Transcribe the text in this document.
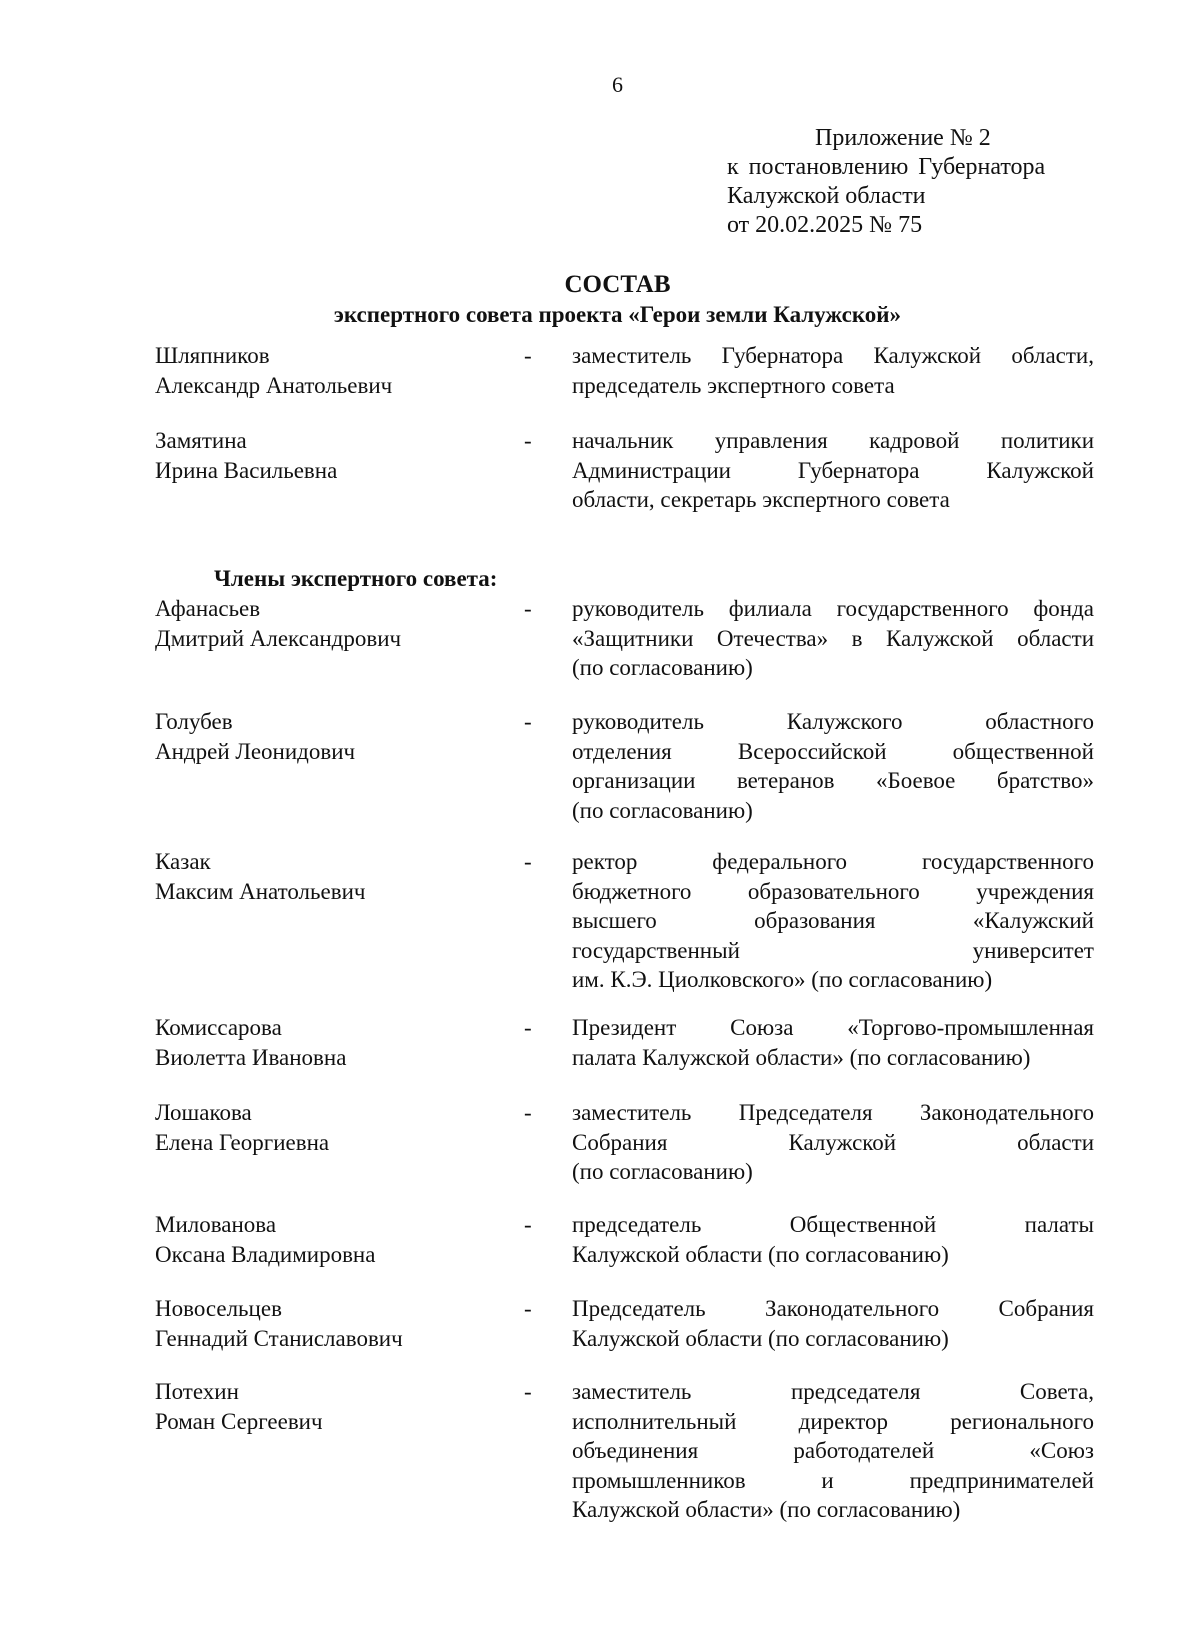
6
Приложение № 2
к постановлению Губернатора
Калужской области
от 20.02.2025 № 75
СОСТАВ
экспертного совета проекта «Герои земли Калужской»
Шляпников
Александр Анатольевич
- заместитель Губернатора Калужской области,
председатель экспертного совета
Замятина
Ирина Васильевна
- начальник управления кадровой политики
Администрации Губернатора Калужской
области, секретарь экспертного совета
Члены экспертного совета:
Афанасьев
Дмитрий Александрович
- руководитель филиала государственного фонда
«Защитники Отечества» в Калужской области
(по согласованию)
Голубев
Андрей Леонидович
- руководитель Калужского областного
отделения Всероссийской общественной
организации ветеранов «Боевое братство»
(по согласованию)
Казак
Максим Анатольевич
- ректор федерального государственного
бюджетного образовательного учреждения
высшего образования «Калужский
государственный университет
им. К.Э. Циолковского» (по согласованию)
Комиссарова
Виолетта Ивановна
- Президент Союза «Торгово-промышленная
палата Калужской области» (по согласованию)
Лошакова
Елена Георгиевна
- заместитель Председателя Законодательного
Собрания Калужской области
(по согласованию)
Милованова
Оксана Владимировна
- председатель Общественной палаты
Калужской области (по согласованию)
Новосельцев
Геннадий Станиславович
- Председатель Законодательного Собрания
Калужской области (по согласованию)
Потехин
Роман Сергеевич
- заместитель председателя Совета,
исполнительный директор регионального
объединения работодателей «Союз
промышленников и предпринимателей
Калужской области» (по согласованию)
